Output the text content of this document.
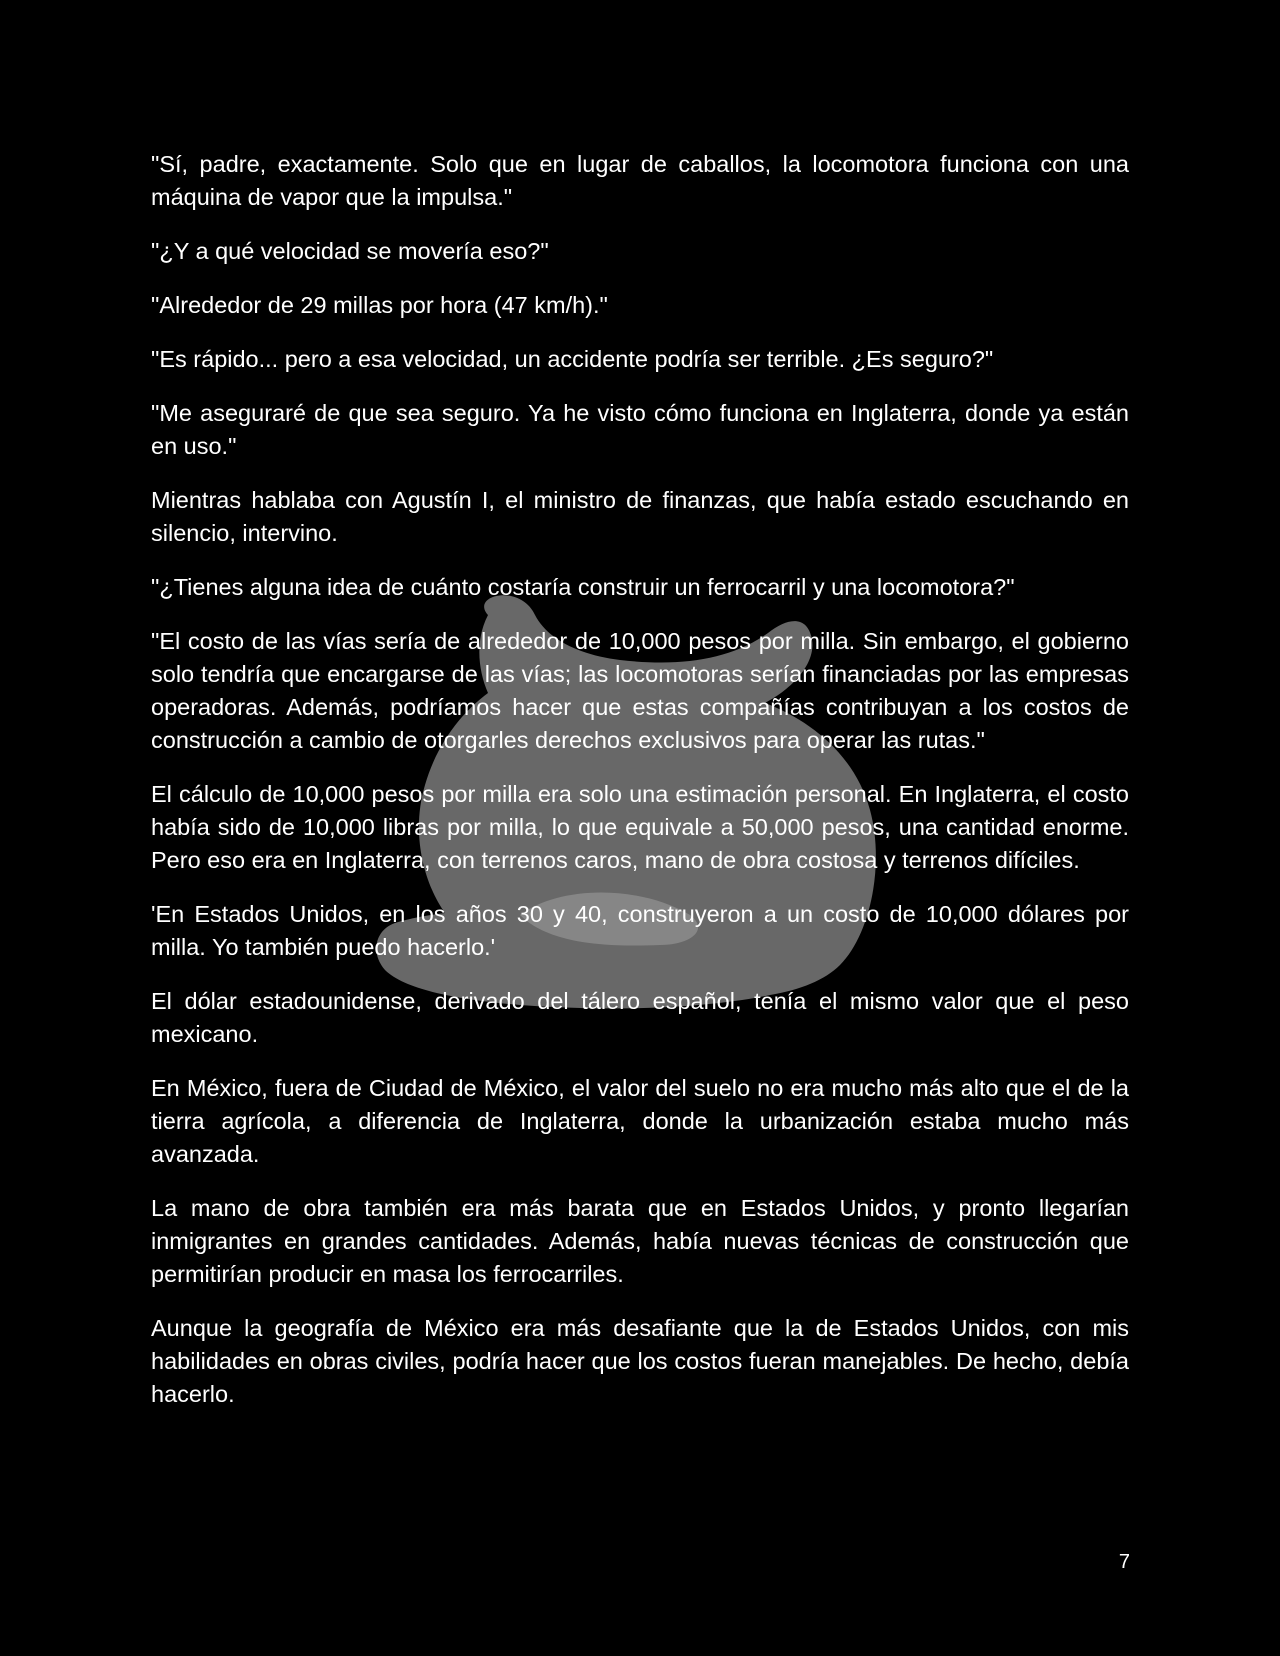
"Sí, padre, exactamente. Solo que en lugar de caballos, la locomotora funciona con una máquina de vapor que la impulsa."

"¿Y a qué velocidad se movería eso?"

"Alrededor de 29 millas por hora (47 km/h)."

"Es rápido... pero a esa velocidad, un accidente podría ser terrible. ¿Es seguro?"

"Me aseguraré de que sea seguro. Ya he visto cómo funciona en Inglaterra, donde ya están en uso."

Mientras hablaba con Agustín I, el ministro de finanzas, que había estado escuchando en silencio, intervino.

"¿Tienes alguna idea de cuánto costaría construir un ferrocarril y una locomotora?"

"El costo de las vías sería de alrededor de 10,000 pesos por milla. Sin embargo, el gobierno solo tendría que encargarse de las vías; las locomotoras serían financiadas por las empresas operadoras. Además, podríamos hacer que estas compañías contribuyan a los costos de construcción a cambio de otorgarles derechos exclusivos para operar las rutas."

El cálculo de 10,000 pesos por milla era solo una estimación personal. En Inglaterra, el costo había sido de 10,000 libras por milla, lo que equivale a 50,000 pesos, una cantidad enorme. Pero eso era en Inglaterra, con terrenos caros, mano de obra costosa y terrenos difíciles.

'En Estados Unidos, en los años 30 y 40, construyeron a un costo de 10,000 dólares por milla. Yo también puedo hacerlo.'

El dólar estadounidense, derivado del tálero español, tenía el mismo valor que el peso mexicano.

En México, fuera de Ciudad de México, el valor del suelo no era mucho más alto que el de la tierra agrícola, a diferencia de Inglaterra, donde la urbanización estaba mucho más avanzada.

La mano de obra también era más barata que en Estados Unidos, y pronto llegarían inmigrantes en grandes cantidades. Además, había nuevas técnicas de construcción que permitirían producir en masa los ferrocarriles.

Aunque la geografía de México era más desafiante que la de Estados Unidos, con mis habilidades en obras civiles, podría hacer que los costos fueran manejables. De hecho, debía hacerlo.

7
